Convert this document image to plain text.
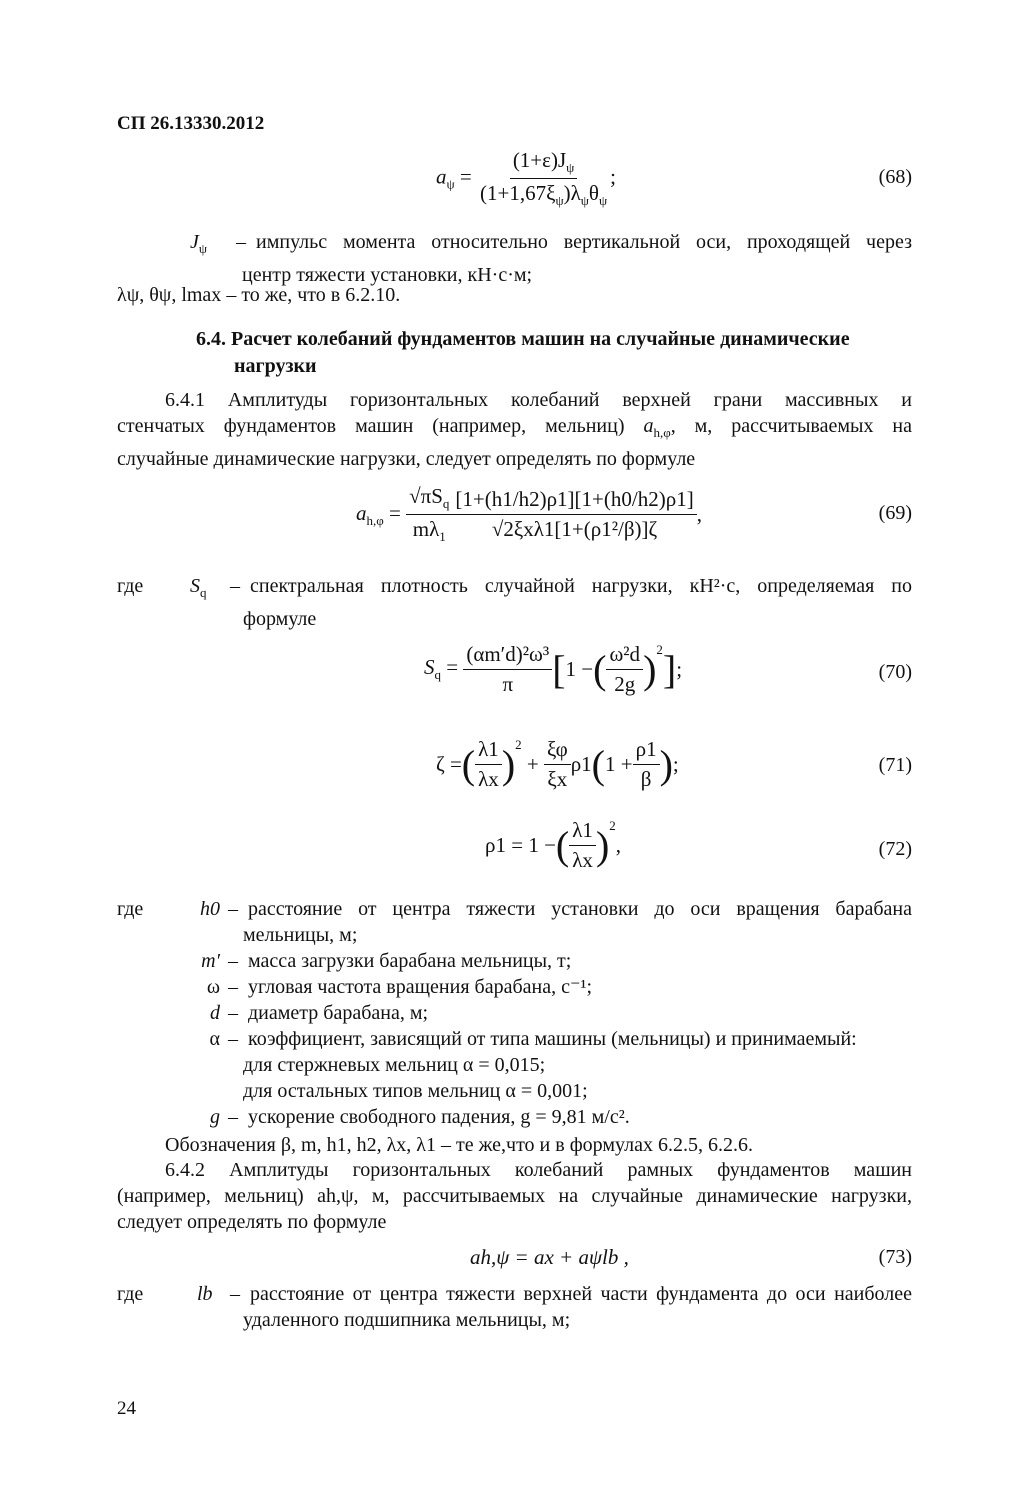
СП 26.13330.2012
$a_\psi = \frac{(1+\varepsilon)J_\psi}{(1+1,67\xi_\psi)\lambda_\psi\theta_\psi}$ ;	(68)
$J_\psi$	– импульс момента относительно вертикальной оси, проходящей через
центр тяжести установки, кН·с·м;
λψ, θψ, lmax – то же, что в 6.2.10.
6.4. Расчет колебаний фундаментов машин на случайные динамические
нагрузки
6.4.1 Амплитуды горизонтальных колебаний верхней грани массивных и
стенчатых фундаментов машин (например, мельниц) $a_{h,\varphi}$, м, рассчитываемых на
случайные динамические нагрузки, следует определять по формуле
$a_{h,\varphi} = \frac{√\pi S_q}{m\lambda_1} \frac{[1+(h1/h2)\rho 1][1+(h0/h2)\rho 1]}{\text{√2ξxλ1[1+(ρ1²/β)]ζ}}$ ,	(69)
где	$S_q$	– спектральная плотность случайной нагрузки, кН²·с, определяемая по
формуле
$S_q = \frac{\text{(αm′d)²ω³}}{\pi}$ [ 1 − ( $\frac{\text{ω²d}}{2g} )^2$ ] ;	(70)
ζ = ( $\frac{\lambda 1}{\lambda x} )^2$
+ $\frac{\xi\varphi}{\xi x} \rho 1$ ( $1 + \frac{\rho 1}{\beta}$ ) ;	(71)
ρ1 = 1 − ( $\frac{\lambda 1}{\lambda x} )^2$
,	(72)
где	h0 – расстояние от центра тяжести установки до оси вращения барабана
мельницы, м;
m′ – масса загрузки барабана мельницы, т;
ω – угловая частота вращения барабана, с⁻¹;
d – диаметр барабана, м;
α – коэффициент, зависящий от типа машины (мельницы) и принимаемый:
для стержневых мельниц α = 0,015;
для остальных типов мельниц α = 0,001;
g – ускорение свободного падения, g = 9,81 м/с².
Обозначения β, m, h1, h2, λx, λ1 – те же,что и в формулах 6.2.5, 6.2.6.
6.4.2 Амплитуды горизонтальных колебаний рамных фундаментов машин
(например, мельниц) ah,ψ, м, рассчитываемых на случайные динамические нагрузки,
следует определять по формуле
ah,ψ = ax + aψlb ,	(73)
где	lb – расстояние от центра тяжести верхней части фундамента до оси наиболее
удаленного подшипника мельницы, м;
24
